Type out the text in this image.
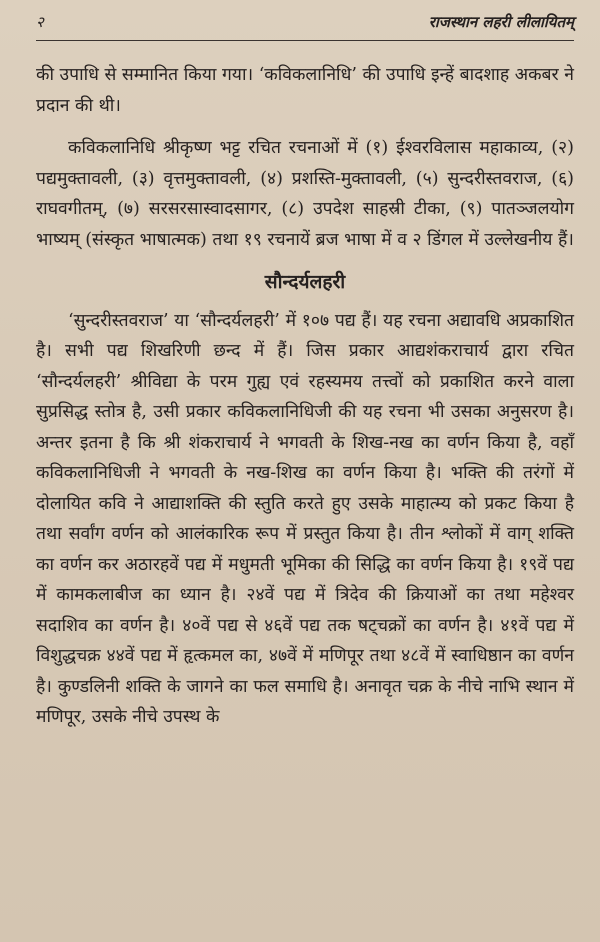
२	राजस्थान लहरी लीलायितम्

की उपाधि से सम्मानित किया गया। ‘कविकलानिधि’ की उपाधि इन्हें बादशाह अकबर ने प्रदान की थी।

कविकलानिधि श्रीकृष्ण भट्ट रचित रचनाओं में (१) ईश्वरविलास महाकाव्य, (२) पद्यमुक्तावली, (३) वृत्तमुक्तावली, (४) प्रशस्ति-मुक्तावली, (५) सुन्दरीस्तवराज, (६) राघवगीतम्, (७) सरसरसास्वादसागर, (८) उपदेश साहस्री टीका, (९) पातञ्जलयोग भाष्यम् (संस्कृत भाषात्मक) तथा १९ रचनायें ब्रज भाषा में व २ डिंगल में उल्लेखनीय हैं।

सौन्दर्यलहरी

‘सुन्दरीस्तवराज’ या ‘सौन्दर्यलहरी’ में १०७ पद्य हैं। यह रचना अद्यावधि अप्रकाशित है। सभी पद्य शिखरिणी छन्द में हैं। जिस प्रकार आद्यशंकराचार्य द्वारा रचित ‘सौन्दर्यलहरी’ श्रीविद्या के परम गुह्य एवं रहस्यमय तत्त्वों को प्रकाशित करने वाला सुप्रसिद्ध स्तोत्र है, उसी प्रकार कविकलानिधिजी की यह रचना भी उसका अनुसरण है। अन्तर इतना है कि श्री शंकराचार्य ने भगवती के शिख-नख का वर्णन किया है, वहाँ कविकलानिधिजी ने भगवती के नख-शिख का वर्णन किया है। भक्ति की तरंगों में दोलायित कवि ने आद्याशक्ति की स्तुति करते हुए उसके माहात्म्य को प्रकट किया है तथा सर्वांग वर्णन को आलंकारिक रूप में प्रस्तुत किया है। तीन श्लोकों में वाग् शक्ति का वर्णन कर अठारहवें पद्य में मधुमती भूमिका की सिद्धि का वर्णन किया है। १९वें पद्य में कामकलाबीज का ध्यान है। २४वें पद्य में त्रिदेव की क्रियाओं का तथा महेश्वर सदाशिव का वर्णन है। ४०वें पद्य से ४६वें पद्य तक षट्चक्रों का वर्णन है। ४१वें पद्य में विशुद्धचक्र ४४वें पद्य में हृत्कमल का, ४७वें में मणिपूर तथा ४८वें में स्वाधिष्ठान का वर्णन है। कुण्डलिनी शक्ति के जागने का फल समाधि है। अनावृत चक्र के नीचे नाभि स्थान में मणिपूर, उसके नीचे उपस्थ के
